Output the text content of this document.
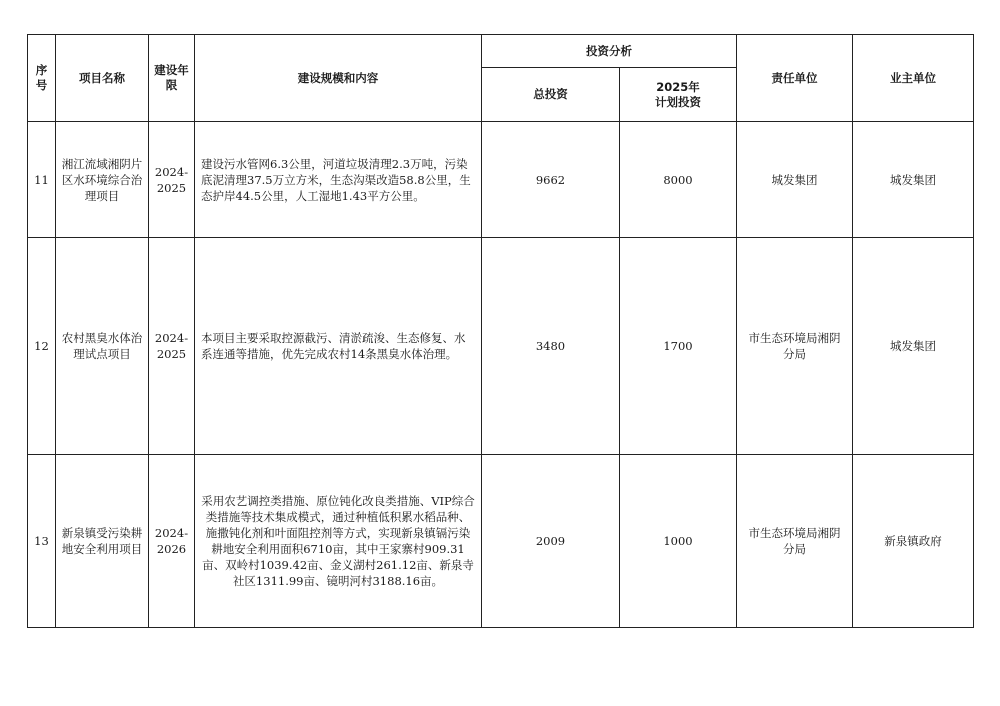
序号	项目名称	建设年限	建设规模和内容	投资分析		责任单位	业主单位
				总投资	2025年计划投资		
11	湘江流域湘阴片区水环境综合治理项目	2024-2025	建设污水管网6.3公里，河道垃圾清理2.3万吨，污染底泥清理37.5万立方米，生态沟渠改造58.8公里，生态护岸44.5公里，人工湿地1.43平方公里。	9662	8000	城发集团	城发集团
12	农村黑臭水体治理试点项目	2024-2025	本项目主要采取控源截污、清淤疏浚、生态修复、水系连通等措施，优先完成农村14条黑臭水体治理。	3480	1700	市生态环境局湘阴分局	城发集团
13	新泉镇受污染耕地安全利用项目	2024-2026	采用农艺调控类措施、原位钝化改良类措施、VIP综合类措施等技术集成模式，通过种植低积累水稻品种、施撒钝化剂和叶面阻控剂等方式，实现新泉镇镉污染耕地安全利用面积6710亩，其中王家寨村909.31亩、双岭村1039.42亩、金义湖村261.12亩、新泉寺社区1311.99亩、镜明河村3188.16亩。	2009	1000	市生态环境局湘阴分局	新泉镇政府
